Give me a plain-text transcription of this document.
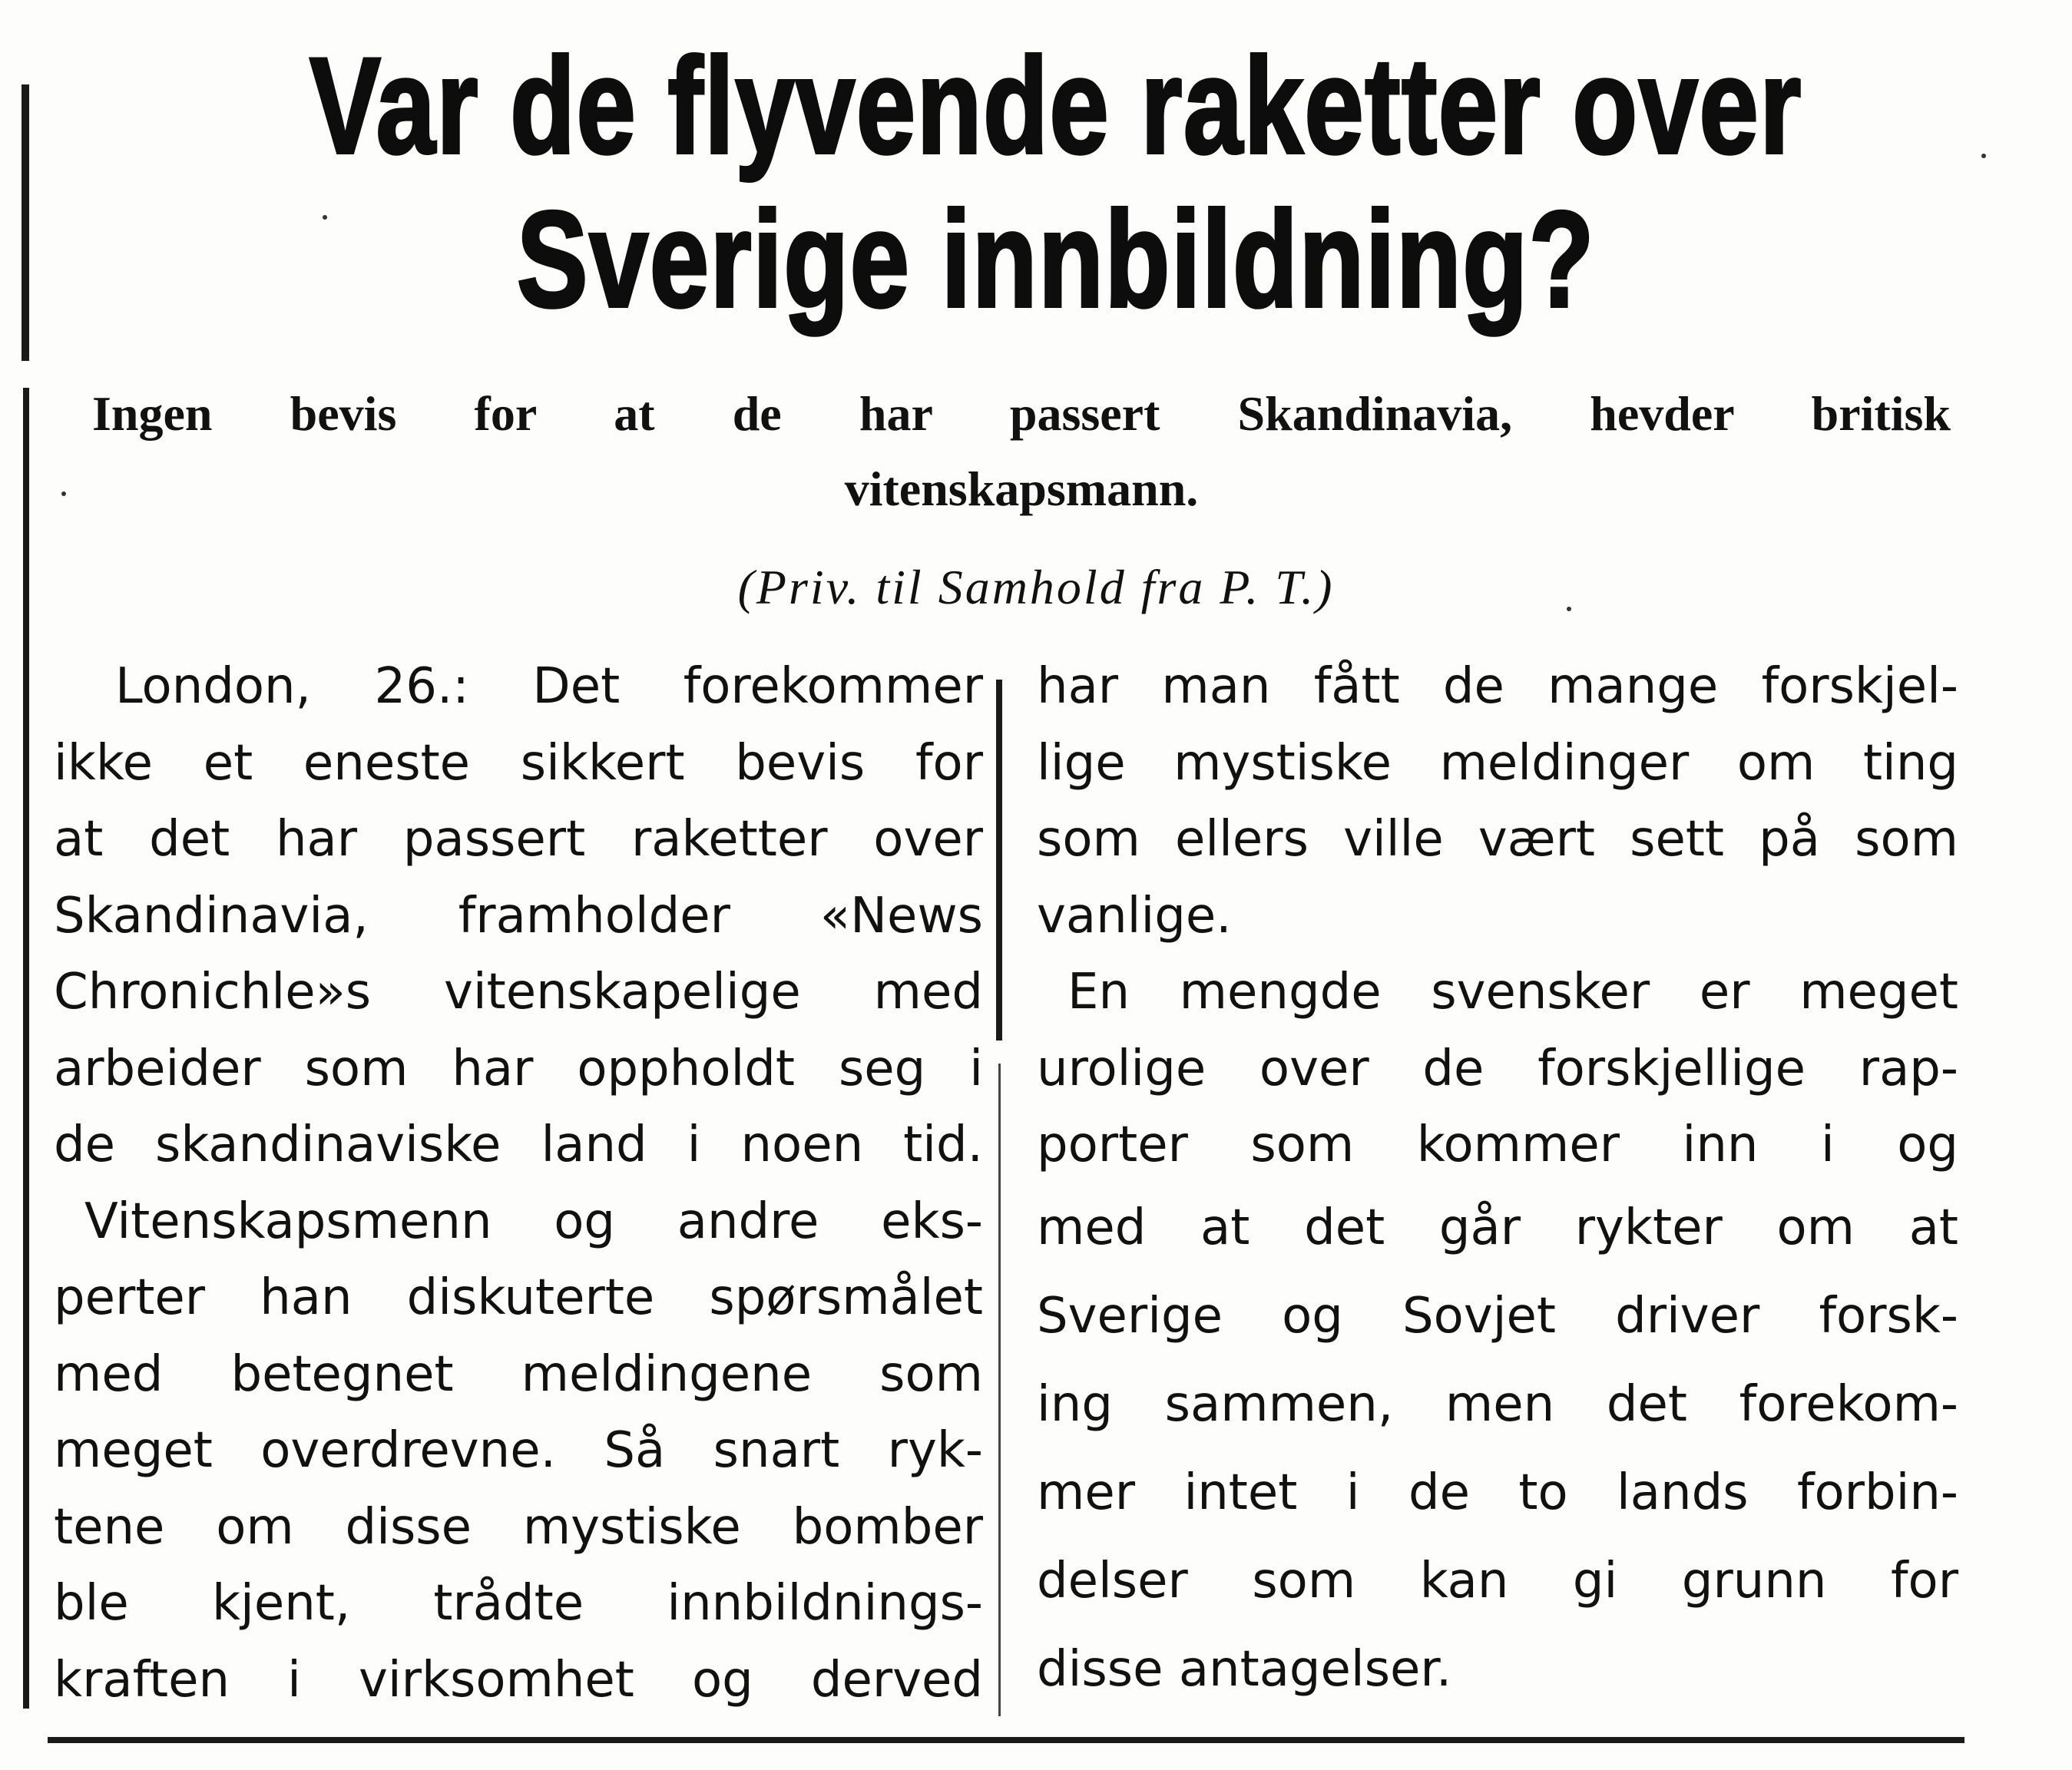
Var de flyvende raketter over
Sverige innbildning?
Ingen bevis for at de har passert Skandinavia, hevder britisk
vitenskapsmann.
(Priv. til Samhold fra P. T.)
London, 26.: Det forekommer
ikke et eneste sikkert bevis for
at det har passert raketter over
Skandinavia, framholder «News
Chronichle»s vitenskapelige med
arbeider som har oppholdt seg i
de skandinaviske land i noen tid.
Vitenskapsmenn og andre eks-
perter han diskuterte spørsmålet
med betegnet meldingene som
meget overdrevne. Så snart ryk-
tene om disse mystiske bomber
ble kjent, trådte innbildnings-
kraften i virksomhet og derved
har man fått de mange forskjel-
lige mystiske meldinger om ting
som ellers ville vært sett på som
vanlige.
En mengde svensker er meget
urolige over de forskjellige rap-
porter som kommer inn i og
med at det går rykter om at
Sverige og Sovjet driver forsk-
ing sammen, men det forekom-
mer intet i de to lands forbin-
delser som kan gi grunn for
disse antagelser.
